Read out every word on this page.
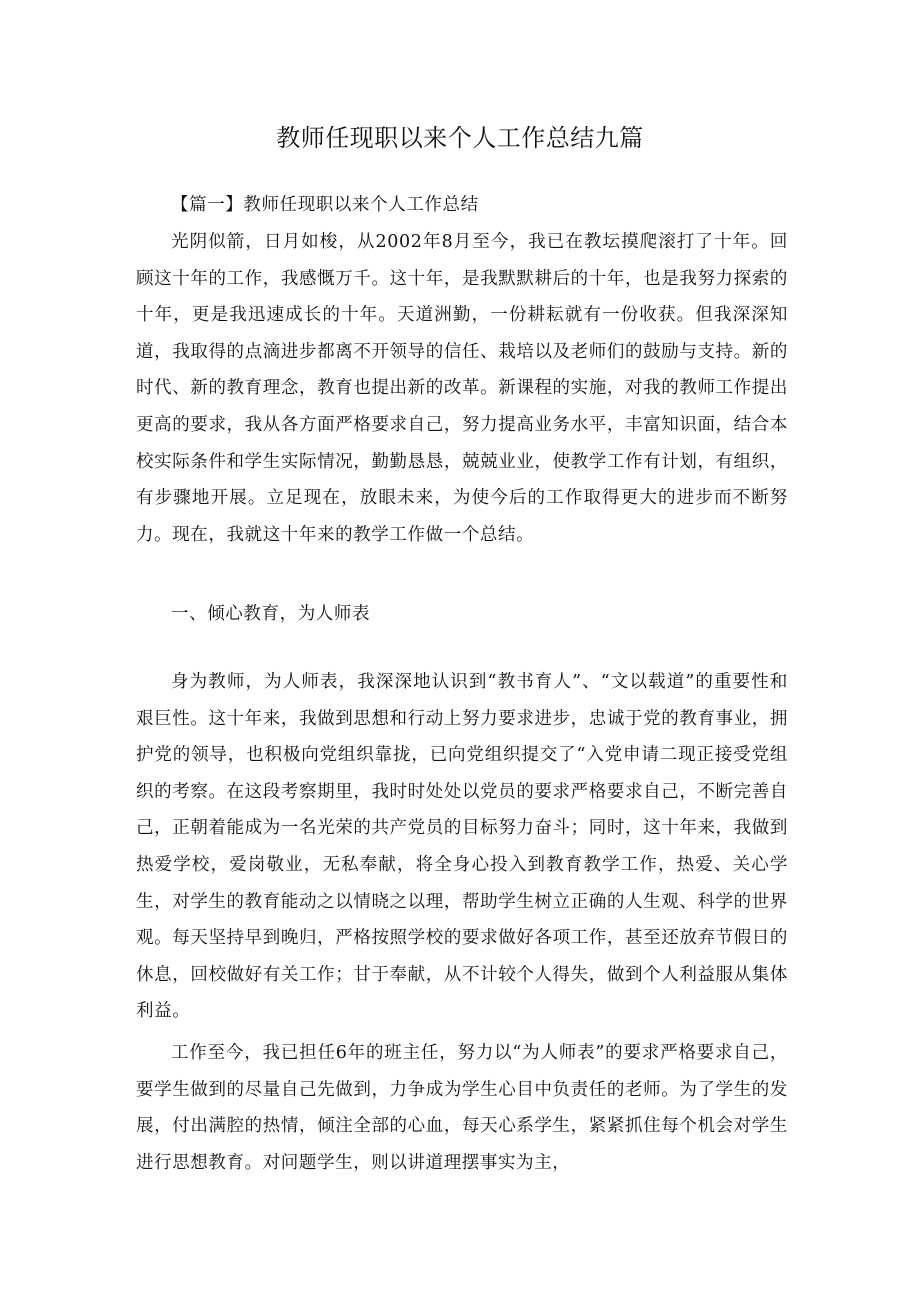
教师任现职以来个人工作总结九篇

【篇一】教师任现职以来个人工作总结

光阴似箭，日月如梭，从2002年8月至今，我已在教坛摸爬滚打了十年。回顾这十年的工作，我感慨万千。这十年，是我默默耕后的十年，也是我努力探索的十年，更是我迅速成长的十年。天道洲勤，一份耕耘就有一份收获。但我深深知道，我取得的点滴进步都离不开领导的信任、栽培以及老师们的鼓励与支持。新的时代、新的教育理念，教育也提出新的改革。新课程的实施，对我的教师工作提出更高的要求，我从各方面严格要求自己，努力提高业务水平，丰富知识面，结合本校实际条件和学生实际情况，勤勤恳恳，兢兢业业，使教学工作有计划，有组织，有步骤地开展。立足现在，放眼未来，为使今后的工作取得更大的进步而不断努力。现在，我就这十年来的教学工作做一个总结。

一、倾心教育，为人师表

身为教师，为人师表，我深深地认识到“教书育人”、“文以载道”的重要性和艰巨性。这十年来，我做到思想和行动上努力要求进步，忠诚于党的教育事业，拥护党的领导，也积极向党组织靠拢，已向党组织提交了“入党申请二现正接受党组织的考察。在这段考察期里，我时时处处以党员的要求严格要求自己，不断完善自己，正朝着能成为一名光荣的共产党员的目标努力奋斗；同时，这十年来，我做到热爱学校，爱岗敬业，无私奉献，将全身心投入到教育教学工作，热爱、关心学生，对学生的教育能动之以情晓之以理，帮助学生树立正确的人生观、科学的世界观。每天坚持早到晚归，严格按照学校的要求做好各项工作，甚至还放弃节假日的休息，回校做好有关工作；甘于奉献，从不计较个人得失，做到个人利益服从集体利益。

工作至今，我已担任6年的班主任，努力以“为人师表”的要求严格要求自己，要学生做到的尽量自己先做到，力争成为学生心目中负责任的老师。为了学生的发展，付出满腔的热情，倾注全部的心血，每天心系学生，紧紧抓住每个机会对学生进行思想教育。对问题学生，则以讲道理摆事实为主，
